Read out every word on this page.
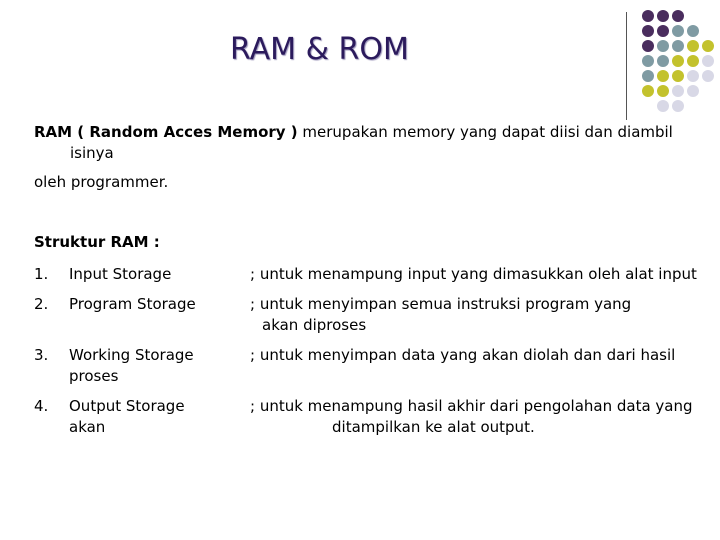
RAM & ROM
RAM ( Random Acces Memory ) merupakan memory yang dapat diisi dan diambil
isinya
oleh programmer.
Struktur RAM :
1. Input Storage	; untuk menampung input yang dimasukkan oleh alat input
2. Program Storage	; untuk menyimpan semua instruksi program yang
akan diproses
3. Working Storage proses
; untuk menyimpan data yang akan diolah dan dari hasil
4. Output Storage akan
; untuk menampung hasil akhir dari pengolahan data yang
ditampilkan ke alat output.
